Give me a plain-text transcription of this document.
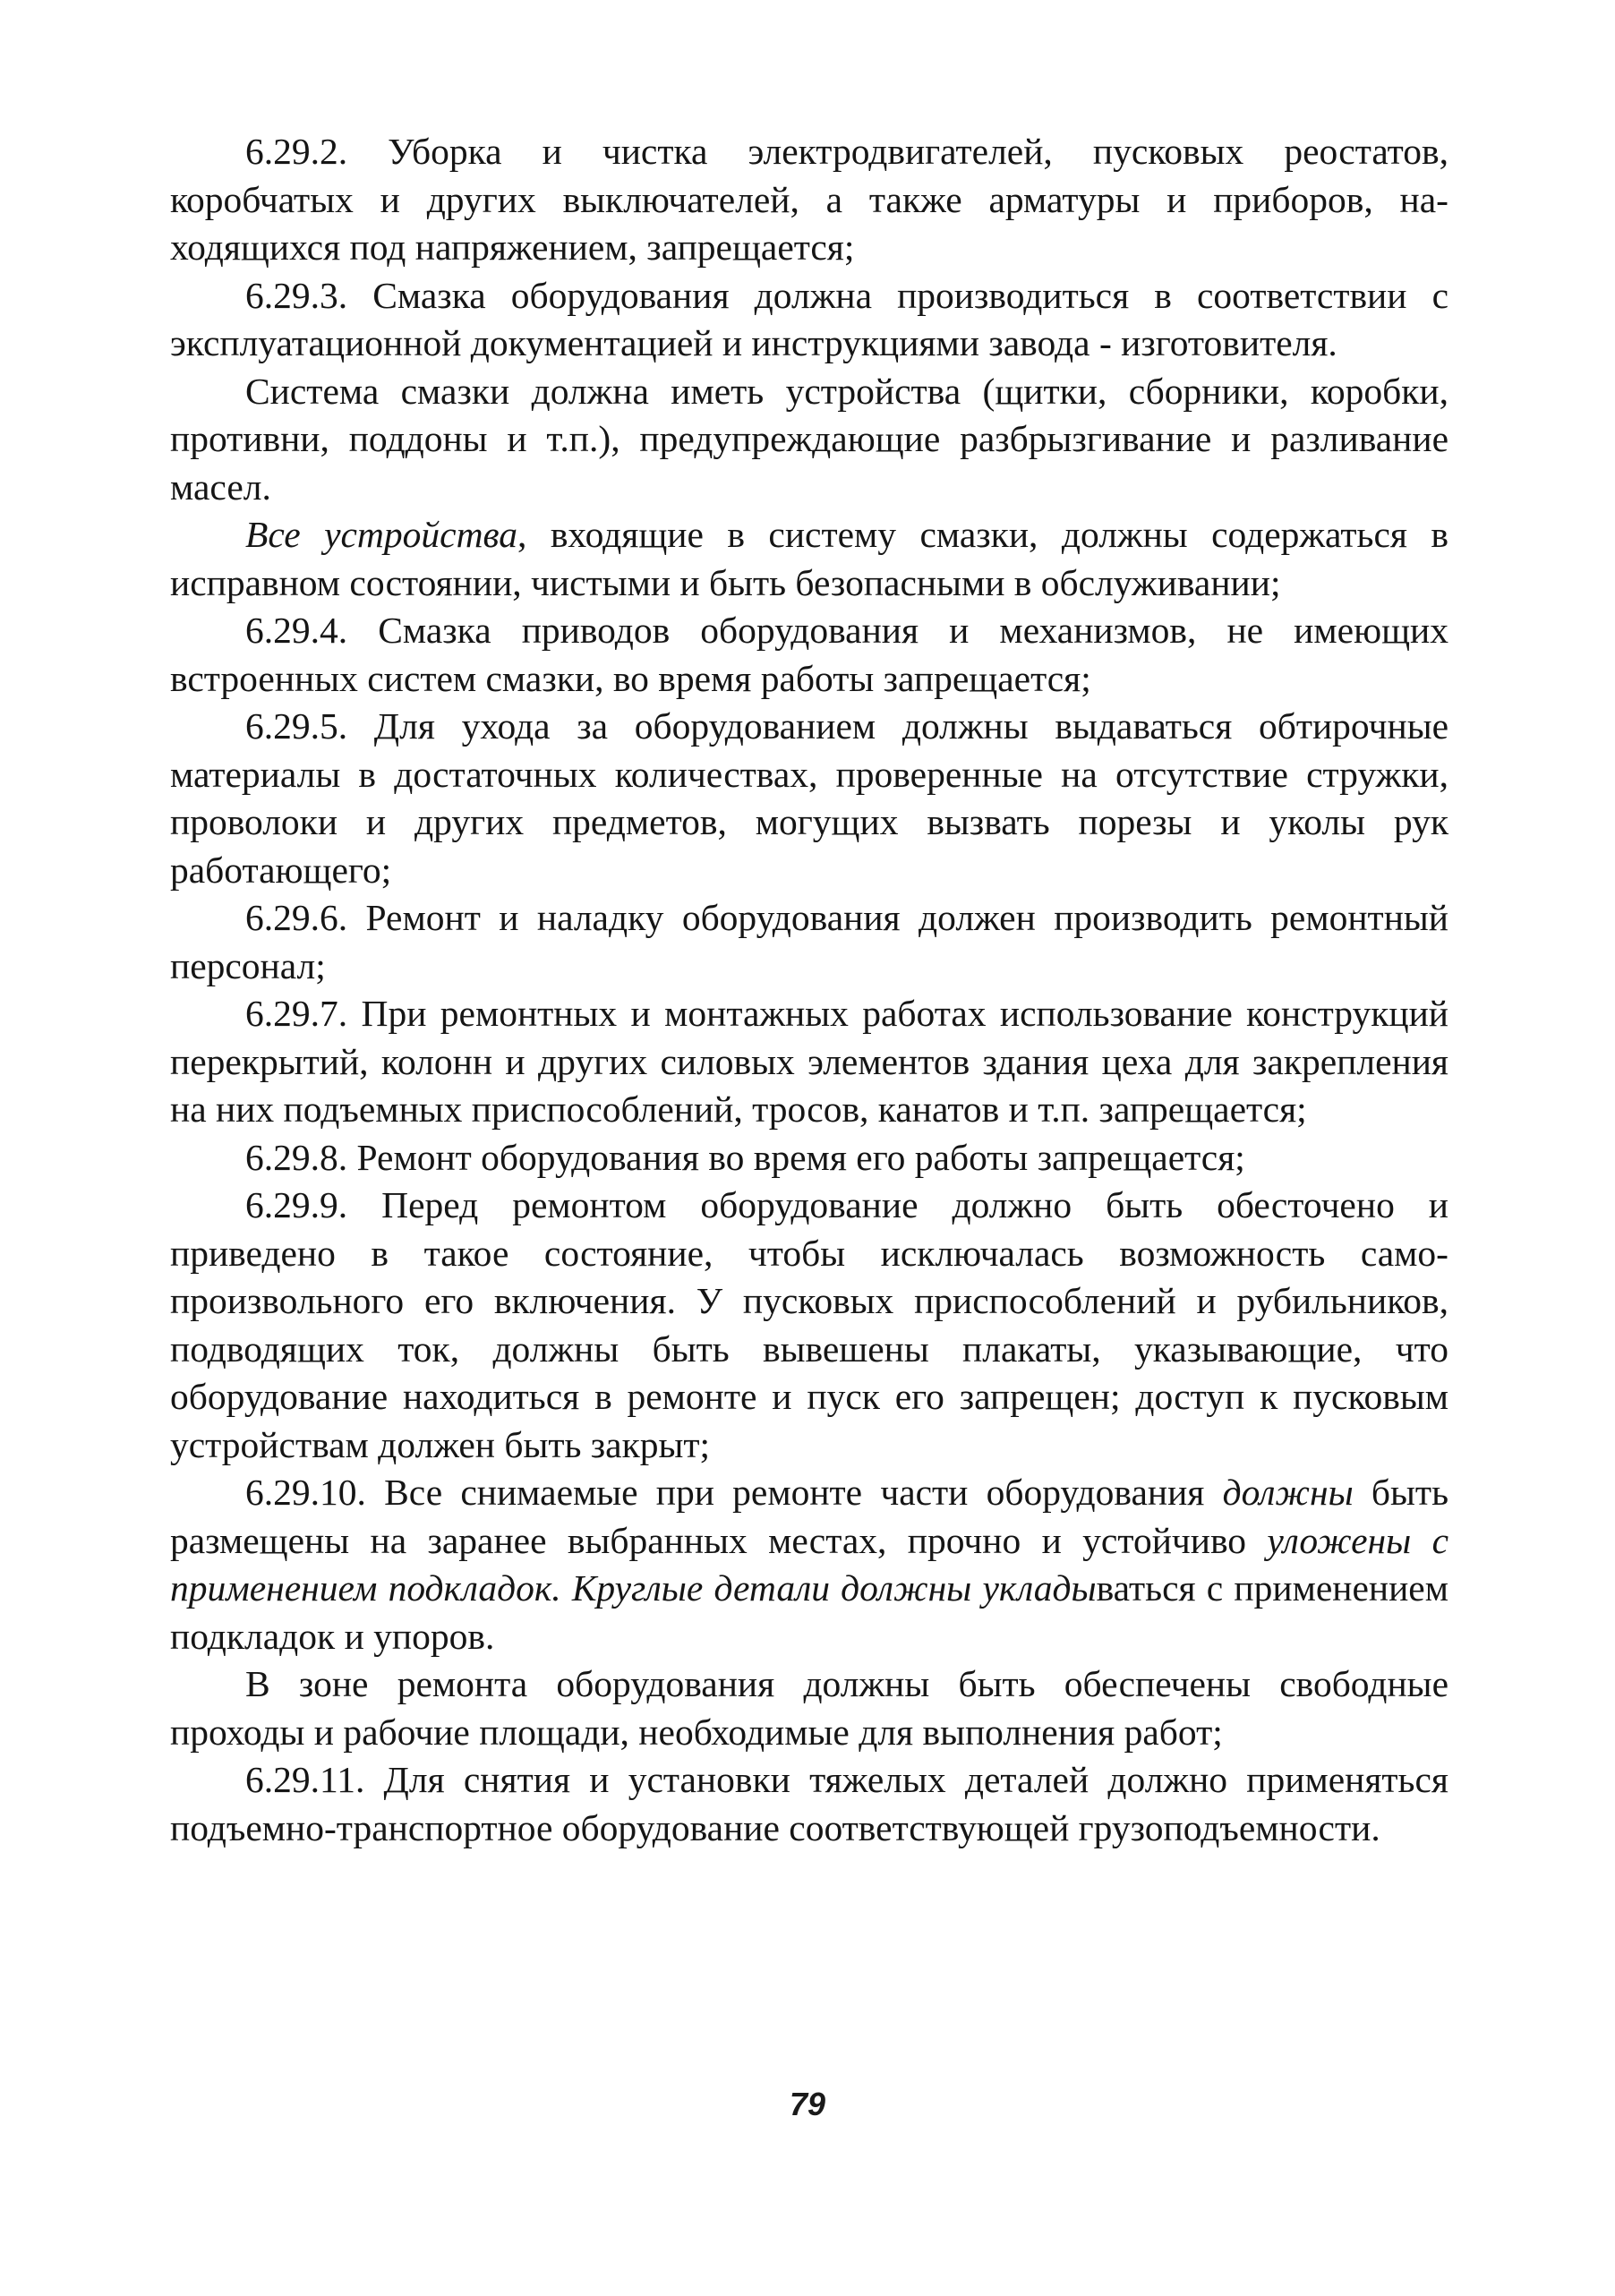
6.29.2. Уборка и чистка электродвигателей, пусковых реостатов, коробчатых и других выключателей, а также арматуры и приборов, находящихся под напряжением, запрещается;

6.29.3. Смазка оборудования должна производиться в соответствии с эксплуатационной документацией и инструкциями завода - изготовителя.

Система смазки должна иметь устройства (щитки, сборники, коробки, противни, поддоны и т.п.), предупреждающие разбрызгивание и разливание масел.

Все устройства, входящие в систему смазки, должны содержаться в исправном состоянии, чистыми и быть безопасными в обслуживании;

6.29.4. Смазка приводов оборудования и механизмов, не имеющих встроенных систем смазки, во время работы запрещается;

6.29.5. Для ухода за оборудованием должны выдаваться обтирочные материалы в достаточных количествах, проверенные на отсутствие стружки, проволоки и других предметов, могущих вызвать порезы и уколы рук работающего;

6.29.6. Ремонт и наладку оборудования должен производить ремонтный персонал;

6.29.7. При ремонтных и монтажных работах использование конструкций перекрытий, колонн и других силовых элементов здания цеха для закрепления на них подъемных приспособлений, тросов, канатов и т.п. запрещается;

6.29.8. Ремонт оборудования во время его работы запрещается;

6.29.9. Перед ремонтом оборудование должно быть обесточено и приведено в такое состояние, чтобы исключалась возможность самопроизвольного его включения. У пусковых приспособлений и рубильников, подводящих ток, должны быть вывешены плакаты, указывающие, что оборудование находиться в ремонте и пуск его запрещен; доступ к пусковым устройствам должен быть закрыт;

6.29.10. Все снимаемые при ремонте части оборудования должны быть размещены на заранее выбранных местах, прочно и устойчиво уложены с применением подкладок. Круглые детали должны укладываться с применением подкладок и упоров.

В зоне ремонта оборудования должны быть обеспечены свободные проходы и рабочие площади, необходимые для выполнения работ;

6.29.11. Для снятия и установки тяжелых деталей должно применяться подъемно-транспортное оборудование соответствующей грузоподъемности.

79
